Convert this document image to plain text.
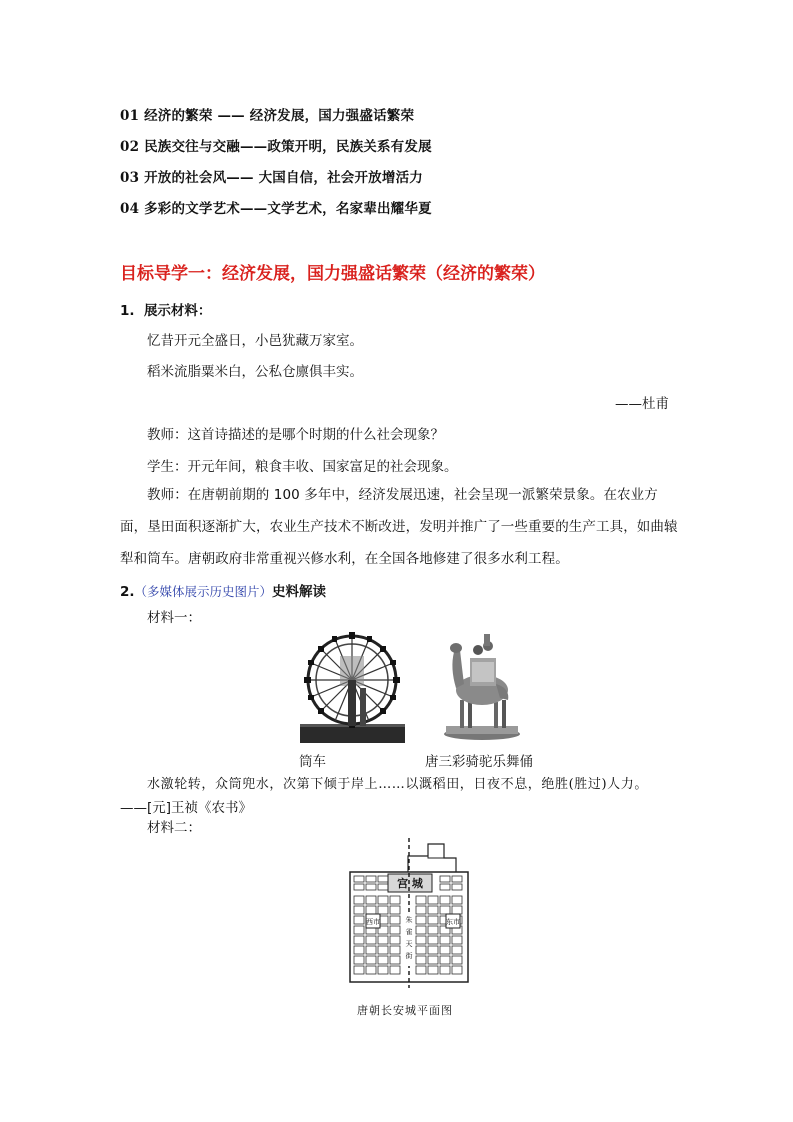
01 经济的繁荣 —— 经济发展，国力强盛话繁荣
02 民族交往与交融——政策开明，民族关系有发展
03 开放的社会风—— 大国自信，社会开放增活力
04 多彩的文学艺术——文学艺术，名家辈出耀华夏
目标导学一：经济发展，国力强盛话繁荣（经济的繁荣）
1. 展示材料：
忆昔开元全盛日，小邑犹藏万家室。
稻米流脂粟米白，公私仓廪俱丰实。
——杜甫
教师：这首诗描述的是哪个时期的什么社会现象？
学生：开元年间，粮食丰收、国家富足的社会现象。
教师：在唐朝前期的 100 多年中，经济发展迅速，社会呈现一派繁荣景象。在农业方面，垦田面积逐渐扩大，农业生产技术不断改进，发明并推广了一些重要的生产工具，如曲辕犁和筒车。唐朝政府非常重视兴修水利，在全国各地修建了很多水利工程。
2.（多媒体展示历史图片）史料解读
材料一：
筒车	唐三彩骑驼乐舞俑
水激轮转，众筒兜水，次第下倾于岸上……以溉稻田，日夜不息，绝胜(胜过)人力。
——[元]王祯《农书》
材料二：
宫 城
西市	东市
朱
雀
天
街
唐朝长安城平面图
